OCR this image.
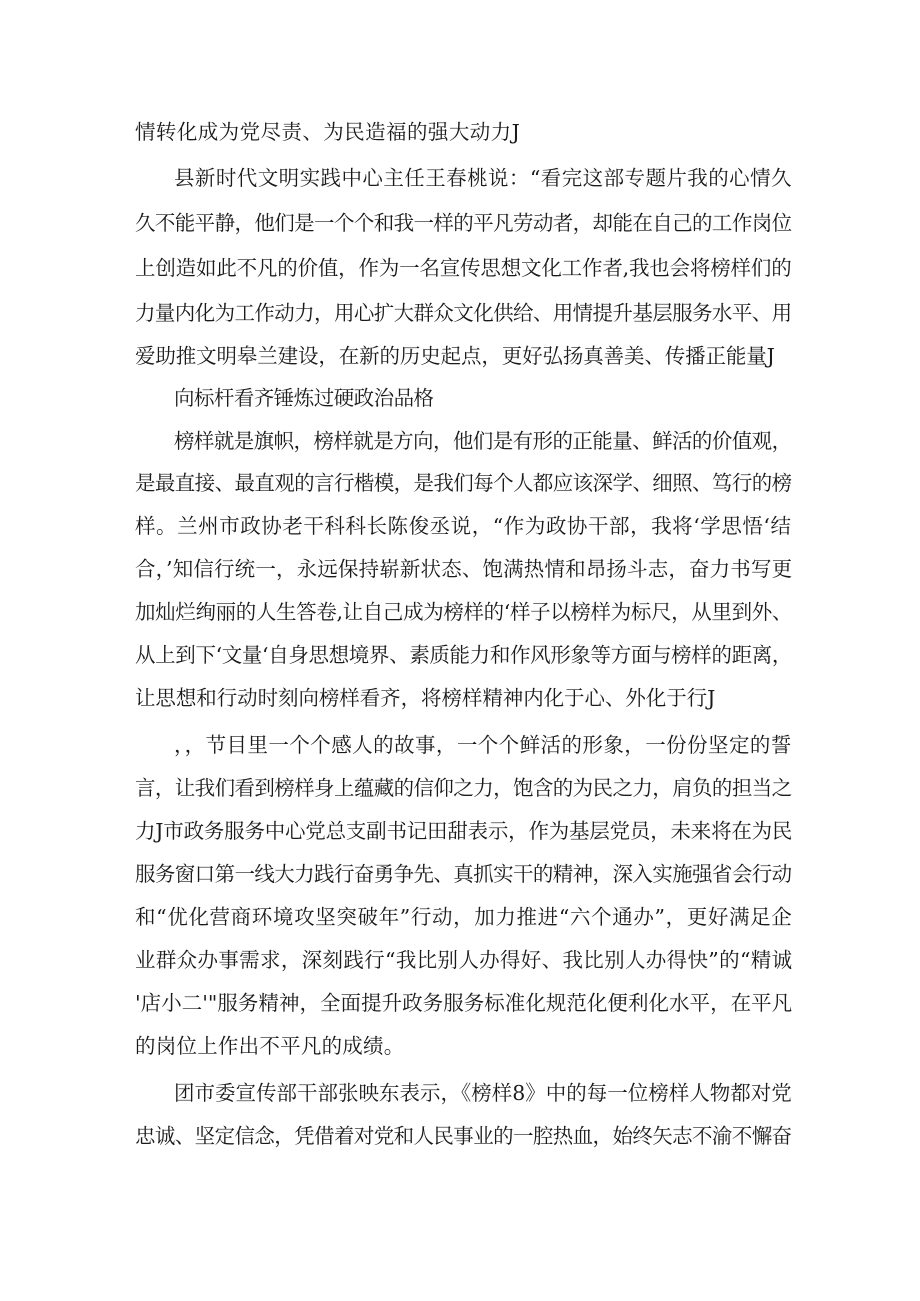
情转化成为党尽责、为民造福的强大动力J
县新时代文明实践中心主任王春桃说：“看完这部专题片我的心情久
久不能平静，他们是一个个和我一样的平凡劳动者，却能在自己的工作岗位
上创造如此不凡的价值，作为一名宣传思想文化工作者,我也会将榜样们的
力量内化为工作动力，用心扩大群众文化供给、用情提升基层服务水平、用
爱助推文明皋兰建设，在新的历史起点，更好弘扬真善美、传播正能量J
向标杆看齐锤炼过硬政治品格
榜样就是旗帜，榜样就是方向，他们是有形的正能量、鲜活的价值观，
是最直接、最直观的言行楷模，是我们每个人都应该深学、细照、笃行的榜
样。兰州市政协老干科科长陈俊丞说，“作为政协干部，我将‘学思悟‘结
合，’知信行统一，永远保持崭新状态、饱满热情和昂扬斗志，奋力书写更
加灿烂绚丽的人生答卷,让自己成为榜样的‘样子以榜样为标尺，从里到外、
从上到下‘文量‘自身思想境界、素质能力和作风形象等方面与榜样的距离，
让思想和行动时刻向榜样看齐，将榜样精神内化于心、外化于行J
，，节目里一个个感人的故事，一个个鲜活的形象，一份份坚定的誓
言，让我们看到榜样身上蕴藏的信仰之力，饱含的为民之力，肩负的担当之
力J市政务服务中心党总支副书记田甜表示，作为基层党员，未来将在为民
服务窗口第一线大力践行奋勇争先、真抓实干的精神，深入实施强省会行动
和“优化营商环境攻坚突破年”行动，加力推进“六个通办”，更好满足企
业群众办事需求，深刻践行“我比别人办得好、我比别人办得快”的“精诚
'店小二'"服务精神，全面提升政务服务标准化规范化便利化水平，在平凡
的岗位上作出不平凡的成绩。
团市委宣传部干部张映东表示，《榜样8》中的每一位榜样人物都对党
忠诚、坚定信念，凭借着对党和人民事业的一腔热血，始终矢志不渝不懈奋
